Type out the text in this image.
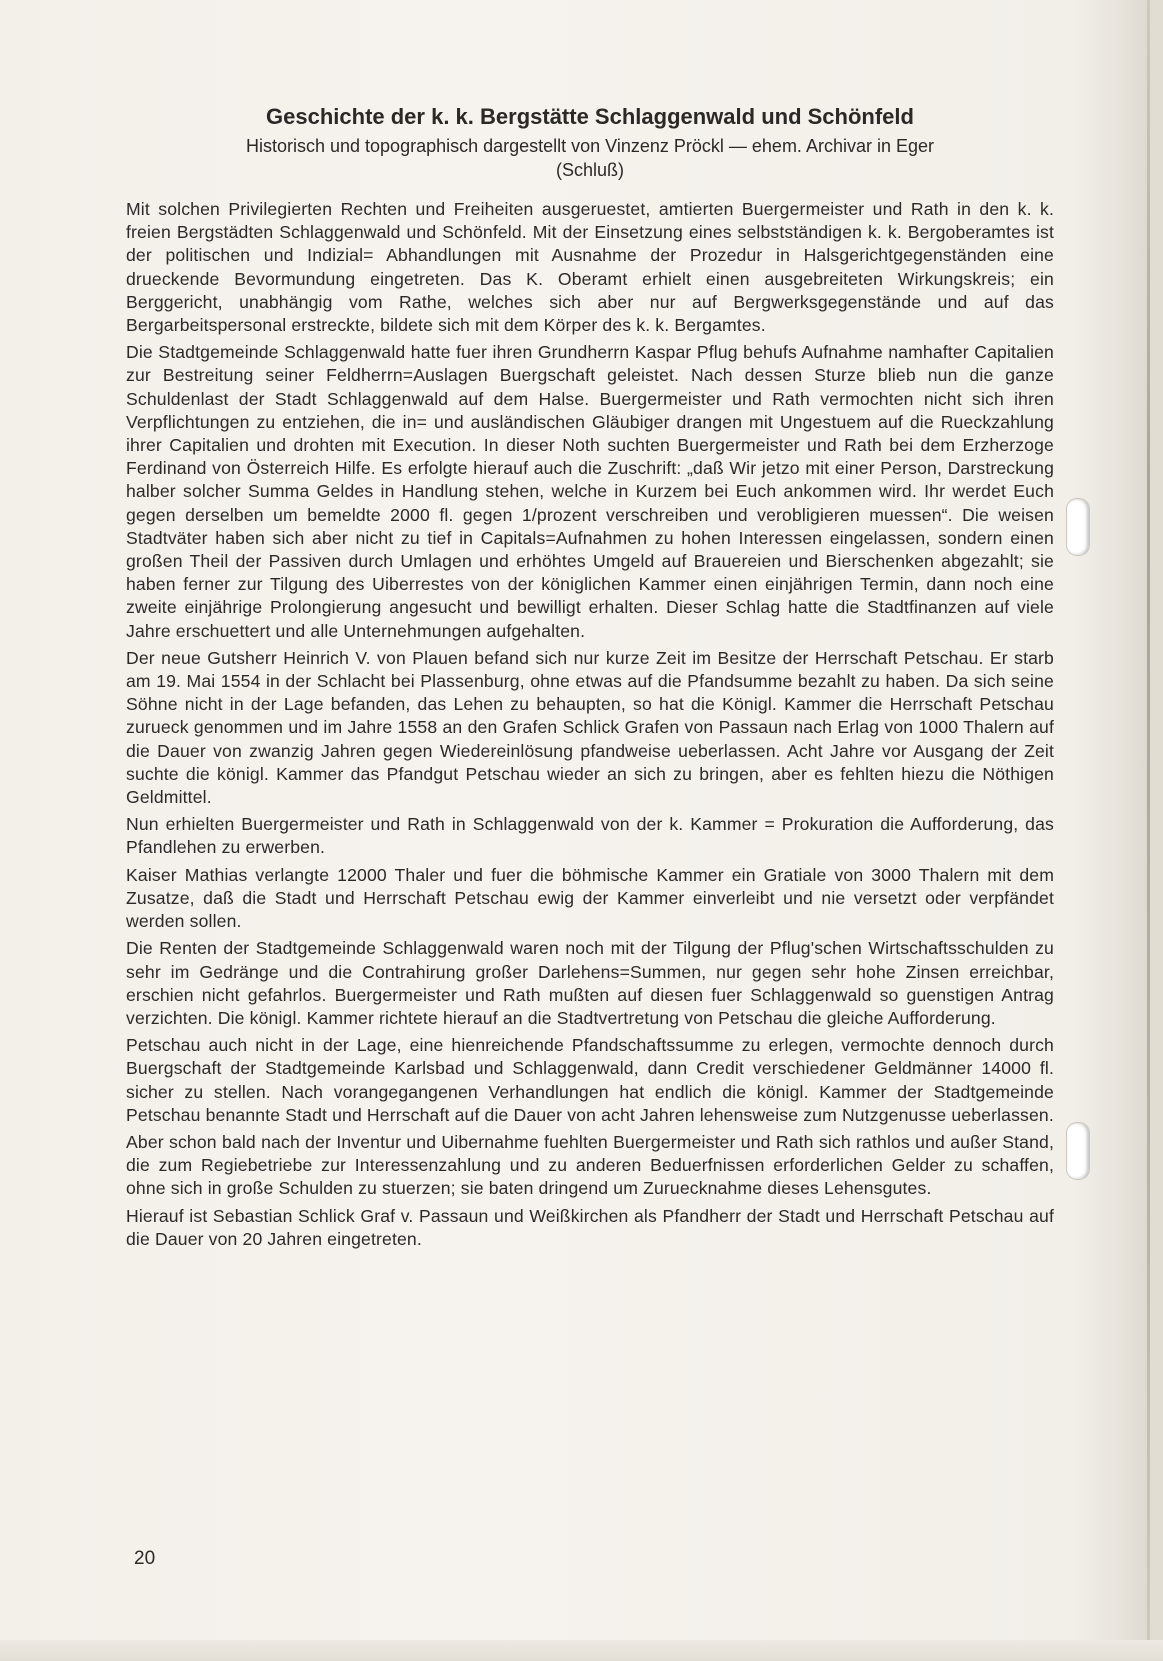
Geschichte der k. k. Bergstätte Schlaggenwald und Schönfeld

Historisch und topographisch dargestellt von Vinzenz Pröckl — ehem. Archivar in Eger

(Schluß)

Mit solchen Privilegierten Rechten und Freiheiten ausgeruestet, amtierten Buergermeister und Rath in den k. k. freien Bergstädten Schlaggenwald und Schönfeld. Mit der Einsetzung eines selbstständigen k. k. Bergoberamtes ist der politischen und Indizial= Abhandlungen mit Ausnahme der Prozedur in Halsgerichtgegenständen eine drueckende Bevormundung eingetreten. Das K. Oberamt erhielt einen ausgebreiteten Wirkungskreis; ein Berggericht, unabhängig vom Rathe, welches sich aber nur auf Bergwerksgegenstände und auf das Bergarbeitspersonal erstreckte, bildete sich mit dem Körper des k. k. Bergamtes.

Die Stadtgemeinde Schlaggenwald hatte fuer ihren Grundherrn Kaspar Pflug behufs Aufnahme namhafter Capitalien zur Bestreitung seiner Feldherrn=Auslagen Buergschaft geleistet. Nach dessen Sturze blieb nun die ganze Schuldenlast der Stadt Schlaggenwald auf dem Halse. Buergermeister und Rath vermochten nicht sich ihren Verpflichtungen zu entziehen, die in= und ausländischen Gläubiger drangen mit Ungestuem auf die Rueckzahlung ihrer Capitalien und drohten mit Execution. In dieser Noth suchten Buergermeister und Rath bei dem Erzherzoge Ferdinand von Österreich Hilfe. Es erfolgte hierauf auch die Zuschrift: „daß Wir jetzo mit einer Person, Darstreckung halber solcher Summa Geldes in Handlung stehen, welche in Kurzem bei Euch ankommen wird. Ihr werdet Euch gegen derselben um bemeldte 2000 fl. gegen 1/prozent verschreiben und verobligieren muessen“. Die weisen Stadtväter haben sich aber nicht zu tief in Capitals=Aufnahmen zu hohen Interessen eingelassen, sondern einen großen Theil der Passiven durch Umlagen und erhöhtes Umgeld auf Brauereien und Bierschenken abgezahlt; sie haben ferner zur Tilgung des Uiberrestes von der königlichen Kammer einen einjährigen Termin, dann noch eine zweite einjährige Prolongierung angesucht und bewilligt erhalten. Dieser Schlag hatte die Stadtfinanzen auf viele Jahre erschuettert und alle Unternehmungen aufgehalten.

Der neue Gutsherr Heinrich V. von Plauen befand sich nur kurze Zeit im Besitze der Herrschaft Petschau. Er starb am 19. Mai 1554 in der Schlacht bei Plassenburg, ohne etwas auf die Pfandsumme bezahlt zu haben. Da sich seine Söhne nicht in der Lage befanden, das Lehen zu behaupten, so hat die Königl. Kammer die Herrschaft Petschau zurueck genommen und im Jahre 1558 an den Grafen Schlick Grafen von Passaun nach Erlag von 1000 Thalern auf die Dauer von zwanzig Jahren gegen Wiedereinlösung pfandweise ueberlassen. Acht Jahre vor Ausgang der Zeit suchte die königl. Kammer das Pfandgut Petschau wieder an sich zu bringen, aber es fehlten hiezu die Nöthigen Geldmittel.

Nun erhielten Buergermeister und Rath in Schlaggenwald von der k. Kammer = Prokuration die Aufforderung, das Pfandlehen zu erwerben.

Kaiser Mathias verlangte 12000 Thaler und fuer die böhmische Kammer ein Gratiale von 3000 Thalern mit dem Zusatze, daß die Stadt und Herrschaft Petschau ewig der Kammer einverleibt und nie versetzt oder verpfändet werden sollen.

Die Renten der Stadtgemeinde Schlaggenwald waren noch mit der Tilgung der Pflug'schen Wirtschaftsschulden zu sehr im Gedränge und die Contrahirung großer Darlehens=Summen, nur gegen sehr hohe Zinsen erreichbar, erschien nicht gefahrlos. Buergermeister und Rath mußten auf diesen fuer Schlaggenwald so guenstigen Antrag verzichten. Die königl. Kammer richtete hierauf an die Stadtvertretung von Petschau die gleiche Aufforderung.

Petschau auch nicht in der Lage, eine hienreichende Pfandschaftssumme zu erlegen, vermochte dennoch durch Buergschaft der Stadtgemeinde Karlsbad und Schlaggenwald, dann Credit verschiedener Geldmänner 14000 fl. sicher zu stellen. Nach vorangegangenen Verhandlungen hat endlich die königl. Kammer der Stadtgemeinde Petschau benannte Stadt und Herrschaft auf die Dauer von acht Jahren lehensweise zum Nutzgenusse ueberlassen.

Aber schon bald nach der Inventur und Uibernahme fuehlten Buergermeister und Rath sich rathlos und außer Stand, die zum Regiebetriebe zur Interessenzahlung und zu anderen Beduerfnissen erforderlichen Gelder zu schaffen, ohne sich in große Schulden zu stuerzen; sie baten dringend um Zuruecknahme dieses Lehensgutes.

Hierauf ist Sebastian Schlick Graf v. Passaun und Weißkirchen als Pfandherr der Stadt und Herrschaft Petschau auf die Dauer von 20 Jahren eingetreten.

20
